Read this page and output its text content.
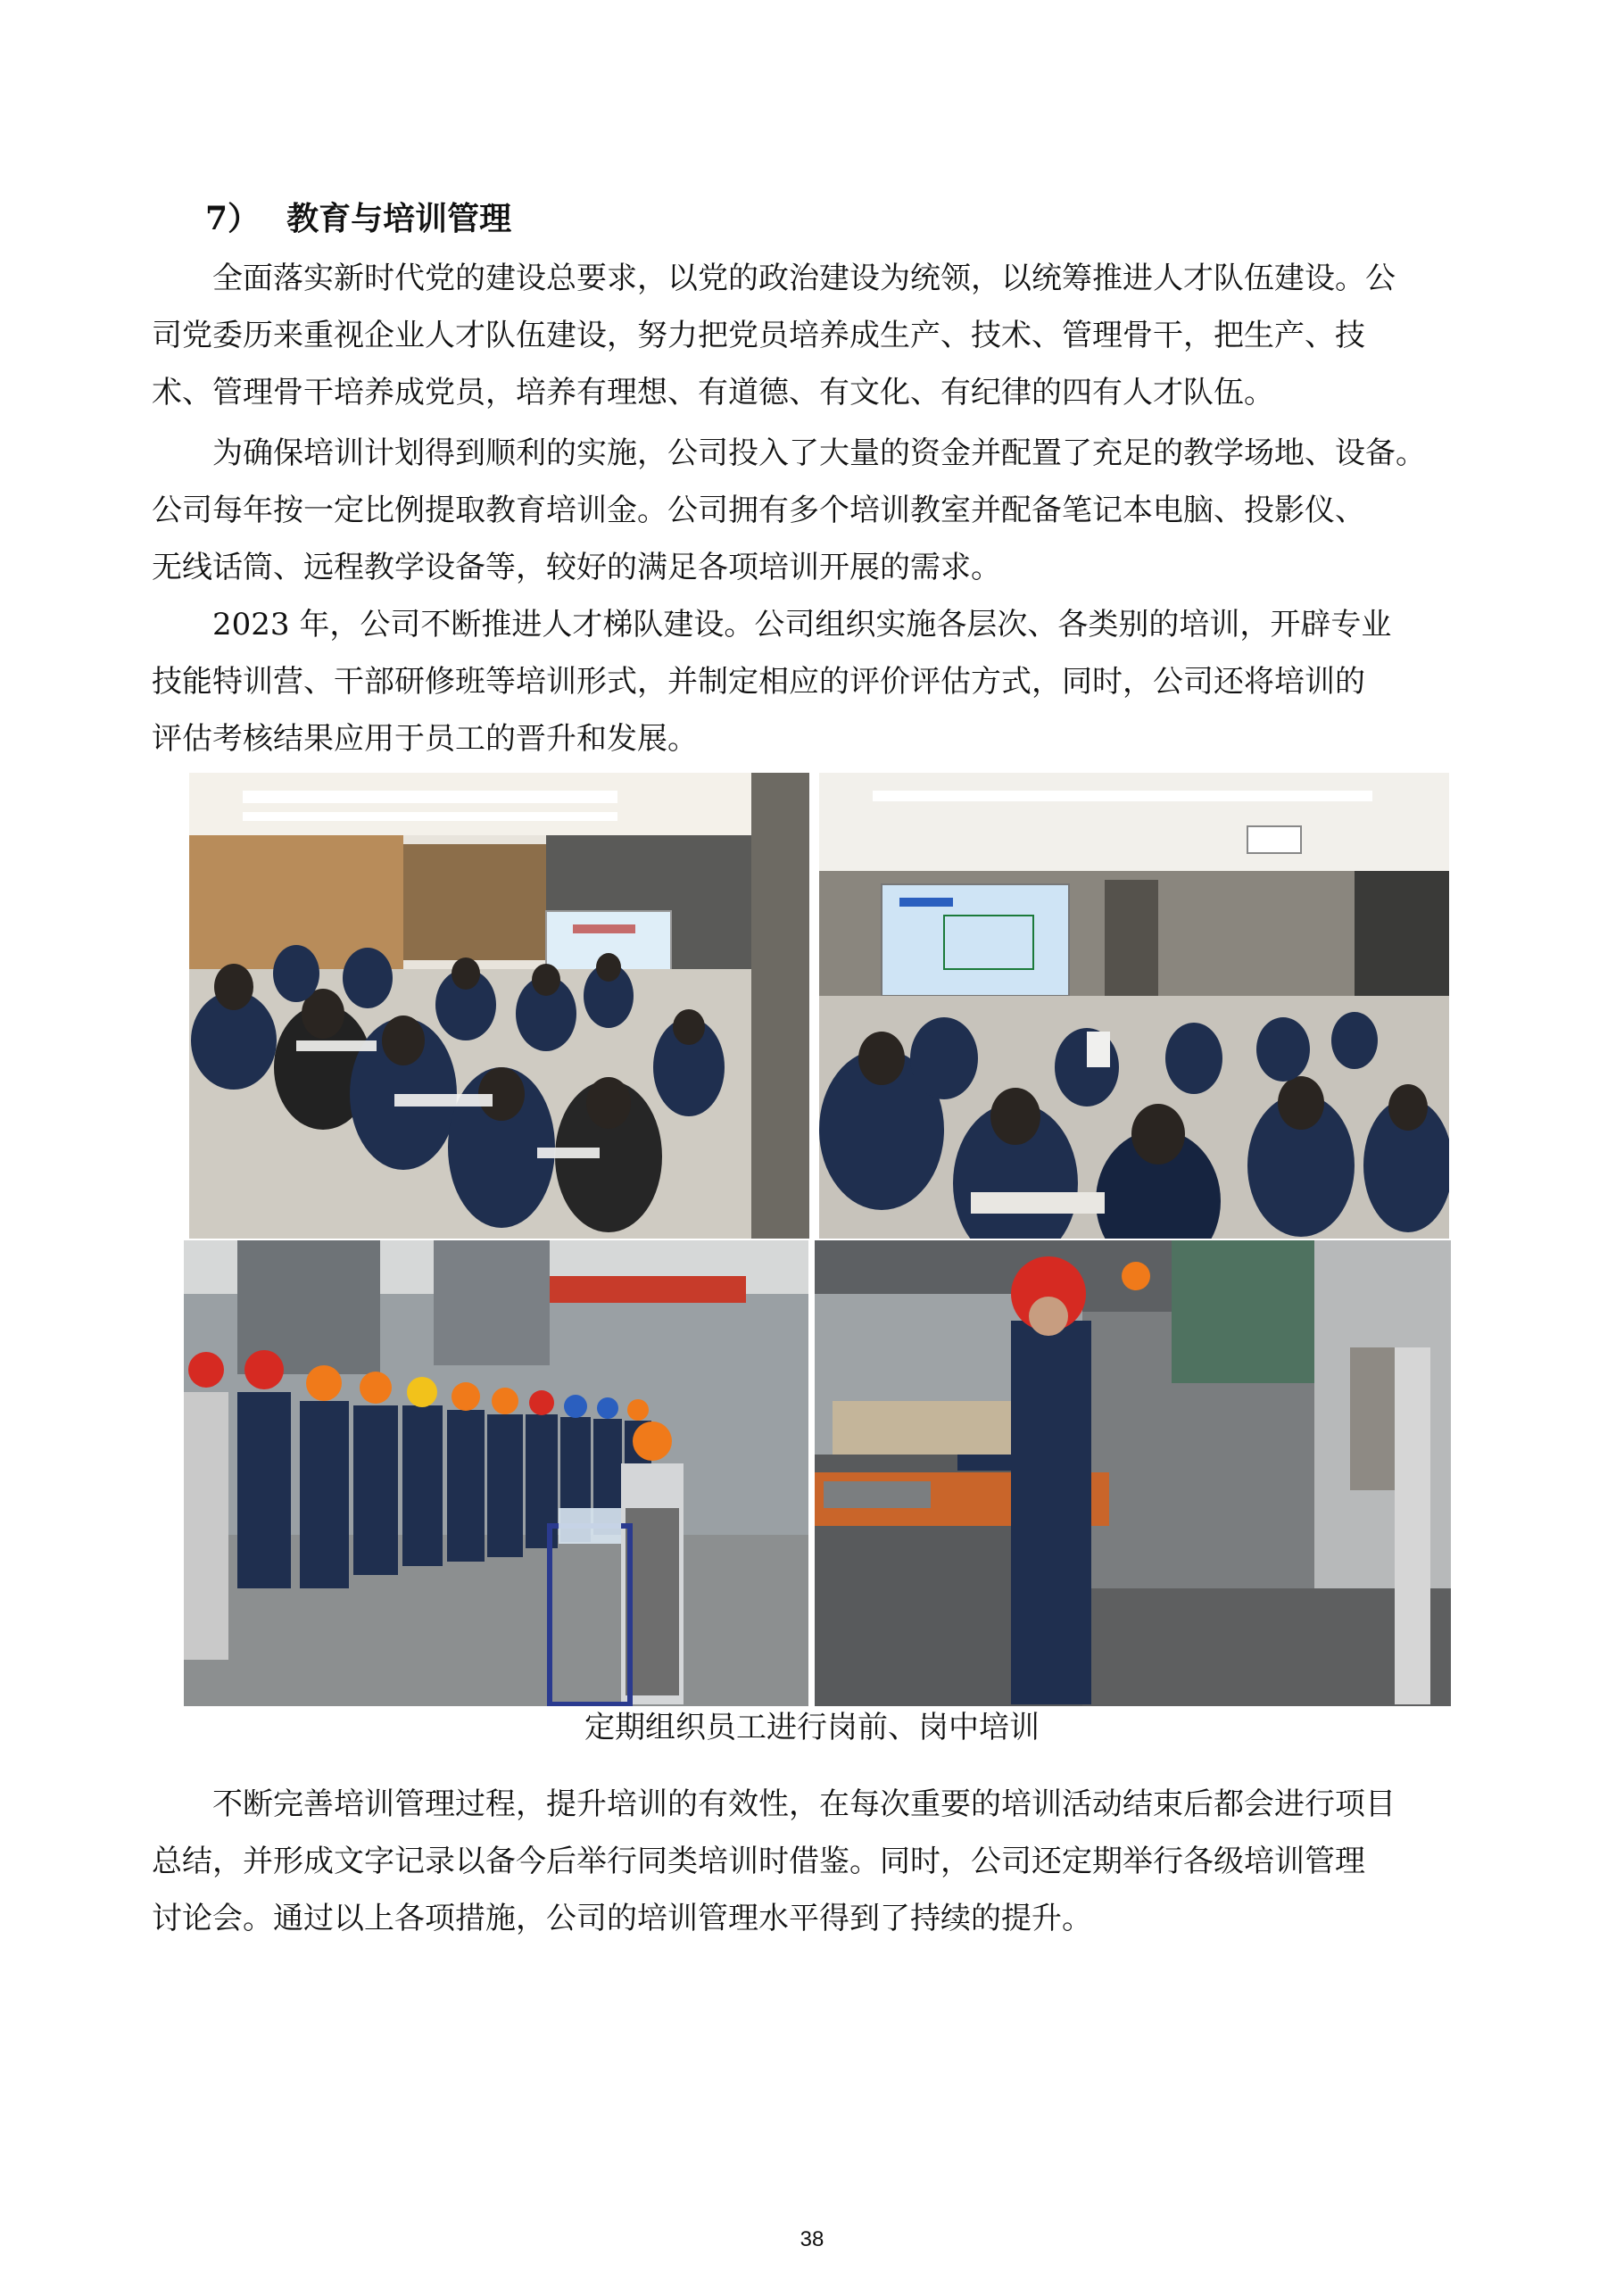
7） 教育与培训管理
全面落实新时代党的建设总要求，以党的政治建设为统领，以统筹推进人才队伍建设。公
司党委历来重视企业人才队伍建设，努力把党员培养成生产、技术、管理骨干，把生产、技
术、管理骨干培养成党员，培养有理想、有道德、有文化、有纪律的四有人才队伍。
为确保培训计划得到顺利的实施，公司投入了大量的资金并配置了充足的教学场地、设备。
公司每年按一定比例提取教育培训金。公司拥有多个培训教室并配备笔记本电脑、投影仪、
无线话筒、远程教学设备等，较好的满足各项培训开展的需求。
2023 年，公司不断推进人才梯队建设。公司组织实施各层次、各类别的培训，开辟专业
技能特训营、干部研修班等培训形式，并制定相应的评价评估方式，同时，公司还将培训的
评估考核结果应用于员工的晋升和发展。
定期组织员工进行岗前、岗中培训
不断完善培训管理过程，提升培训的有效性，在每次重要的培训活动结束后都会进行项目
总结，并形成文字记录以备今后举行同类培训时借鉴。同时，公司还定期举行各级培训管理
讨论会。通过以上各项措施，公司的培训管理水平得到了持续的提升。
38
